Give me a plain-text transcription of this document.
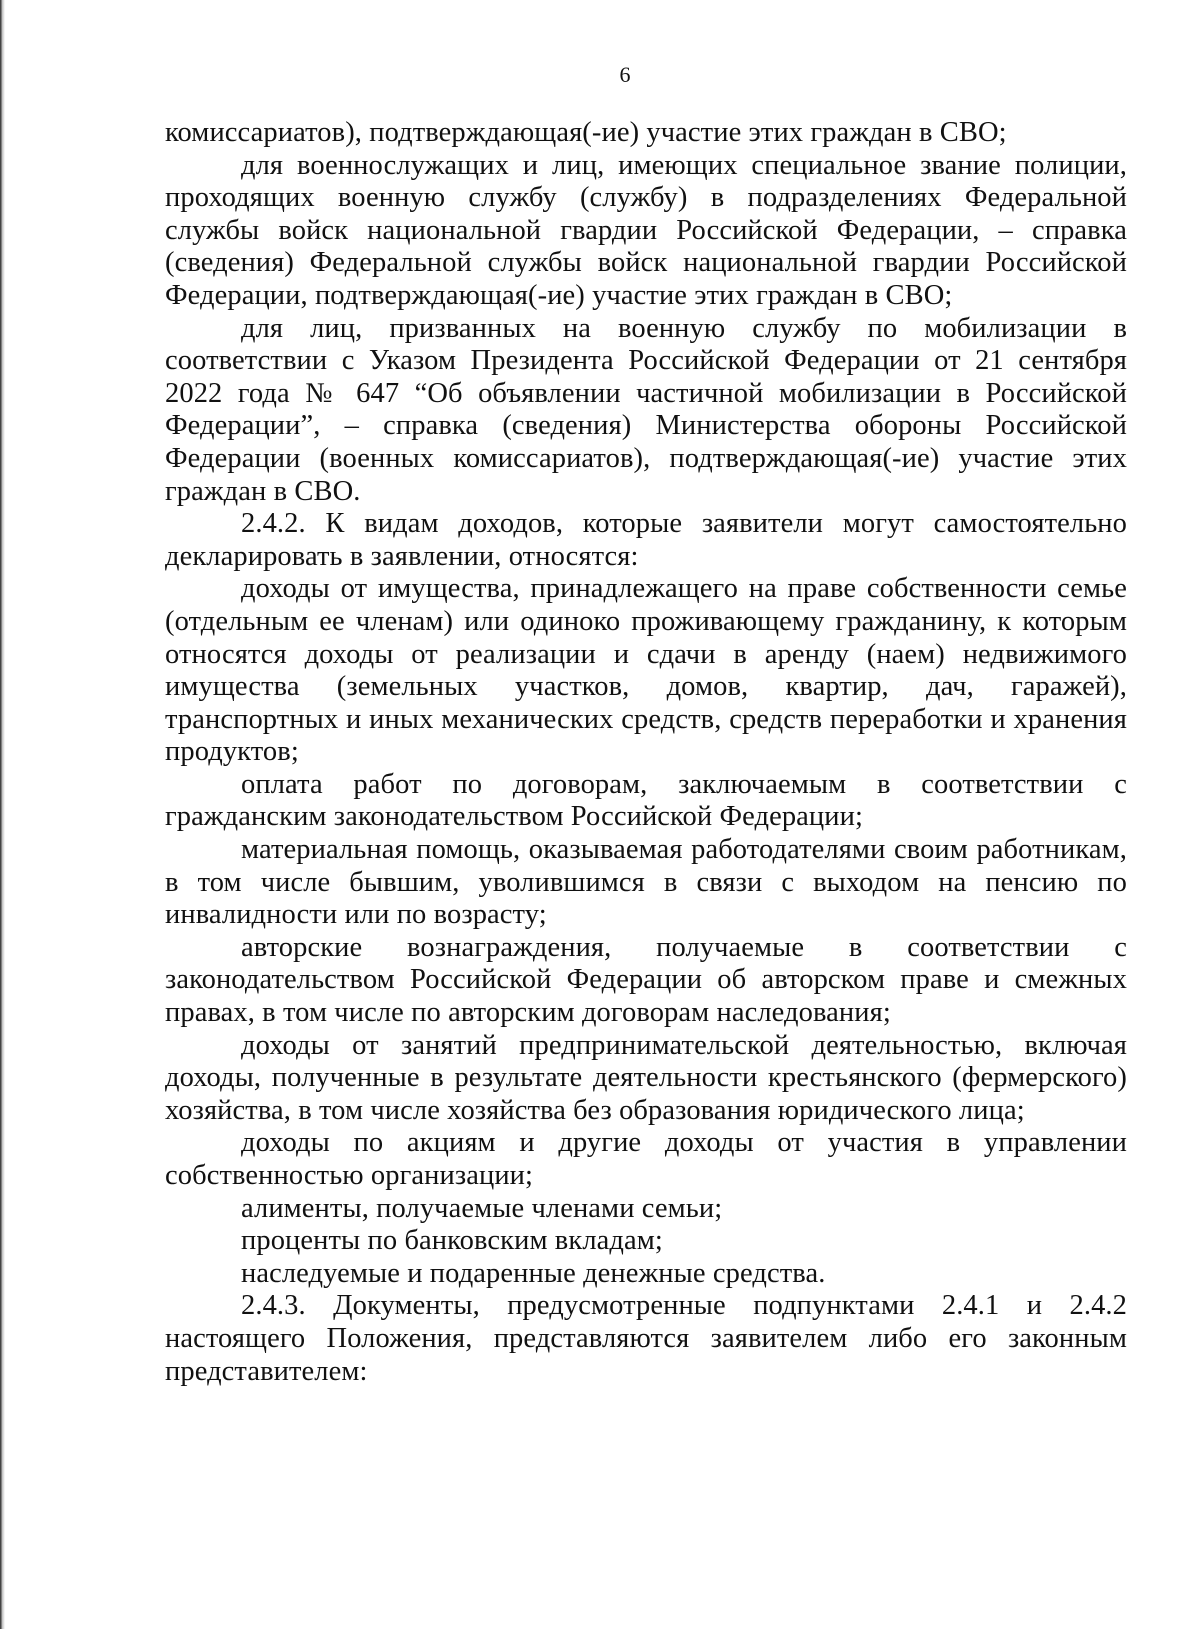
6

комиссариатов), подтверждающая(-ие) участие этих граждан в СВО;

для военнослужащих и лиц, имеющих специальное звание полиции, проходящих военную службу (службу) в подразделениях Федеральной службы войск национальной гвардии Российской Федерации, – справка (сведения) Федеральной службы войск национальной гвардии Российской Федерации, подтверждающая(-ие) участие этих граждан в СВО;

для лиц, призванных на военную службу по мобилизации в соответствии с Указом Президента Российской Федерации от 21 сентября 2022 года № 647 “Об объявлении частичной мобилизации в Российской Федерации”, – справка (сведения) Министерства обороны Российской Федерации (военных комиссариатов), подтверждающая(-ие) участие этих граждан в СВО.

2.4.2. К видам доходов, которые заявители могут самостоятельно декларировать в заявлении, относятся:

доходы от имущества, принадлежащего на праве собственности семье (отдельным ее членам) или одиноко проживающему гражданину, к которым относятся доходы от реализации и сдачи в аренду (наем) недвижимого имущества (земельных участков, домов, квартир, дач, гаражей), транспортных и иных механических средств, средств переработки и хранения продуктов;

оплата работ по договорам, заключаемым в соответствии с гражданским законодательством Российской Федерации;

материальная помощь, оказываемая работодателями своим работникам, в том числе бывшим, уволившимся в связи с выходом на пенсию по инвалидности или по возрасту;

авторские вознаграждения, получаемые в соответствии с законодательством Российской Федерации об авторском праве и смежных правах, в том числе по авторским договорам наследования;

доходы от занятий предпринимательской деятельностью, включая доходы, полученные в результате деятельности крестьянского (фермерского) хозяйства, в том числе хозяйства без образования юридического лица;

доходы по акциям и другие доходы от участия в управлении собственностью организации;

алименты, получаемые членами семьи;

проценты по банковским вкладам;

наследуемые и подаренные денежные средства.

2.4.3. Документы, предусмотренные подпунктами 2.4.1 и 2.4.2 настоящего Положения, представляются заявителем либо его законным представителем:
